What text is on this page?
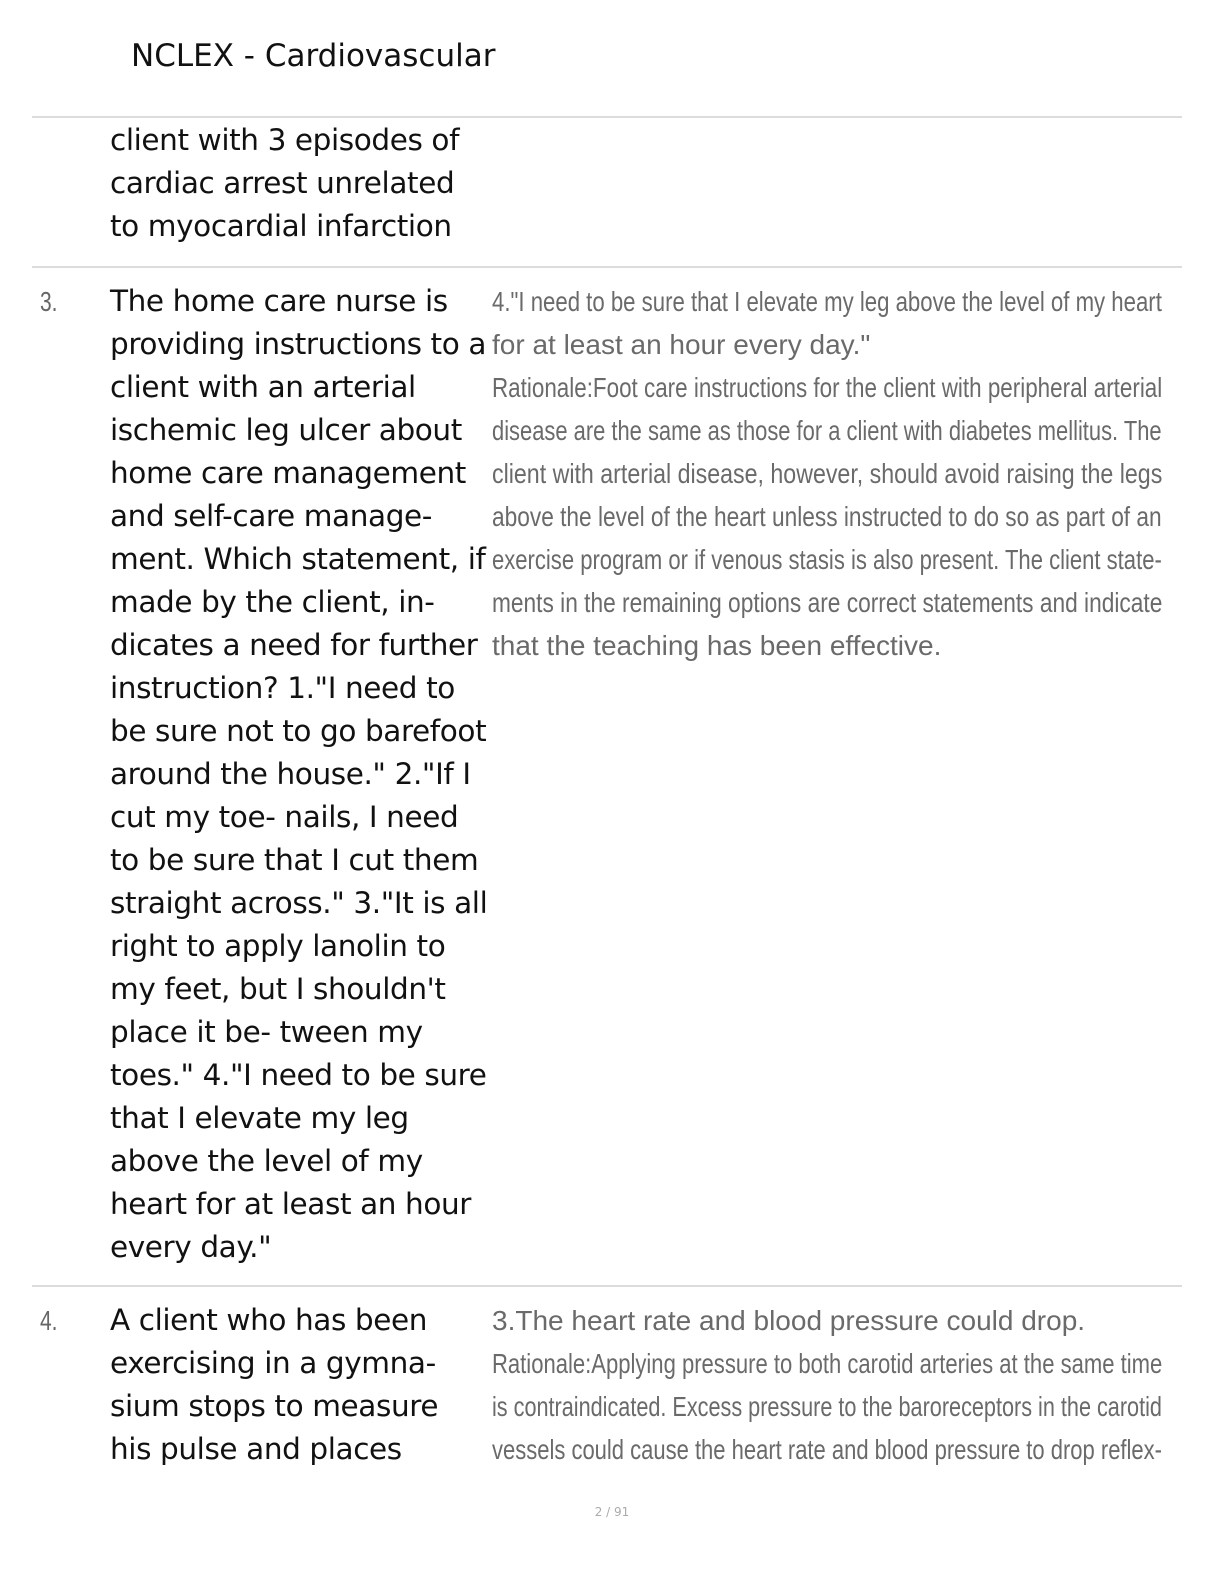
NCLEX - Cardiovascular

client with 3 episodes of cardiac arrest unrelated to myocardial infarction

3. The home care nurse is providing instructions to a client with an arterial ischemic leg ulcer about home care management and self-care manage- ment. Which statement, if made by the client, in- dicates a need for further instruction? 1."I need to be sure not to go barefoot around the house." 2."If I cut my toe- nails, I need to be sure that I cut them straight across." 3."It is all right to apply lanolin to my feet, but I shouldn't place it be- tween my toes." 4."I need to be sure that I elevate my leg above the level of my heart for at least an hour every day."

4."I need to be sure that I elevate my leg above the level of my heart
for at least an hour every day."
Rationale:Foot care instructions for the client with peripheral arterial
disease are the same as those for a client with diabetes mellitus. The
client with arterial disease, however, should avoid raising the legs
above the level of the heart unless instructed to do so as part of an
exercise program or if venous stasis is also present. The client state-
ments in the remaining options are correct statements and indicate
that the teaching has been effective.
4. A client who has been exercising in a gymna- sium stops to measure his pulse and places

3.The heart rate and blood pressure could drop.
Rationale:Applying pressure to both carotid arteries at the same time
is contraindicated. Excess pressure to the baroreceptors in the carotid
vessels could cause the heart rate and blood pressure to drop reflex-
2 / 91
